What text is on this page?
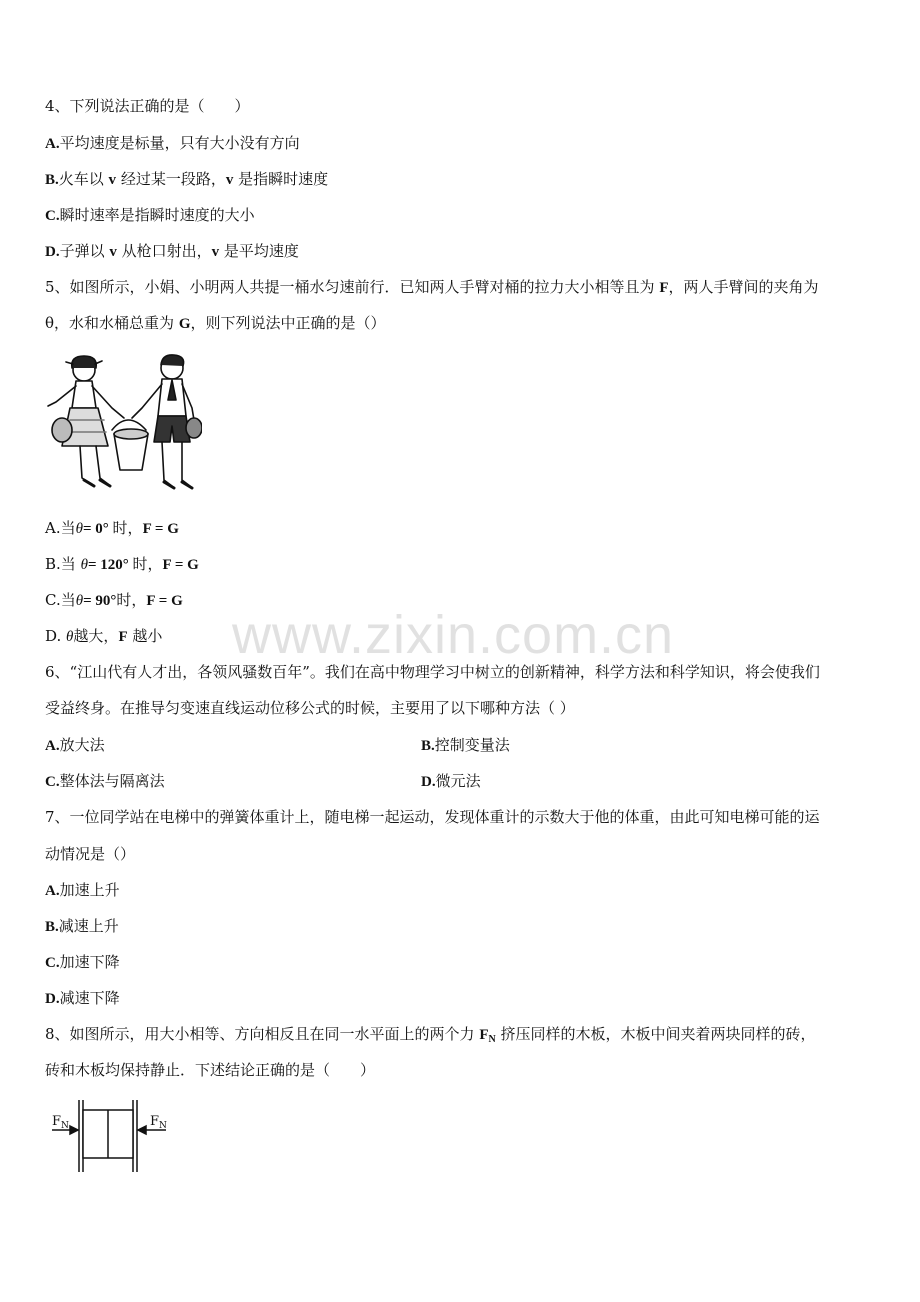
www.zixin.com.cn
4、下列说法正确的是（　　）
A.平均速度是标量，只有大小没有方向
B.火车以 v 经过某一段路，v 是指瞬时速度
C.瞬时速率是指瞬时速度的大小
D.子弹以 v 从枪口射出，v 是平均速度
5、如图所示，小娟、小明两人共提一桶水匀速前行．已知两人手臂对桶的拉力大小相等且为 F，两人手臂间的夹角为
θ，水和水桶总重为 G，则下列说法中正确的是（）
A.当θ= 0° 时，F = G
B.当 θ= 120° 时，F = G
C.当θ= 90°时，F = G
D. θ越大，F 越小
6、“江山代有人才出，各领风骚数百年”。我们在高中物理学习中树立的创新精神，科学方法和科学知识，将会使我们
受益终身。在推导匀变速直线运动位移公式的时候，主要用了以下哪种方法（ ）
A.放大法	B.控制变量法
C.整体法与隔离法	D.微元法
7、一位同学站在电梯中的弹簧体重计上，随电梯一起运动，发现体重计的示数大于他的体重，由此可知电梯可能的运
动情况是（）
A.加速上升
B.减速上升
C.加速下降
D.减速下降
8、如图所示，用大小相等、方向相反且在同一水平面上的两个力 $F_N$ 挤压同样的木板，木板中间夹着两块同样的砖，
砖和木板均保持静止．下述结论正确的是（　　）
$F_N$	$F_N$
